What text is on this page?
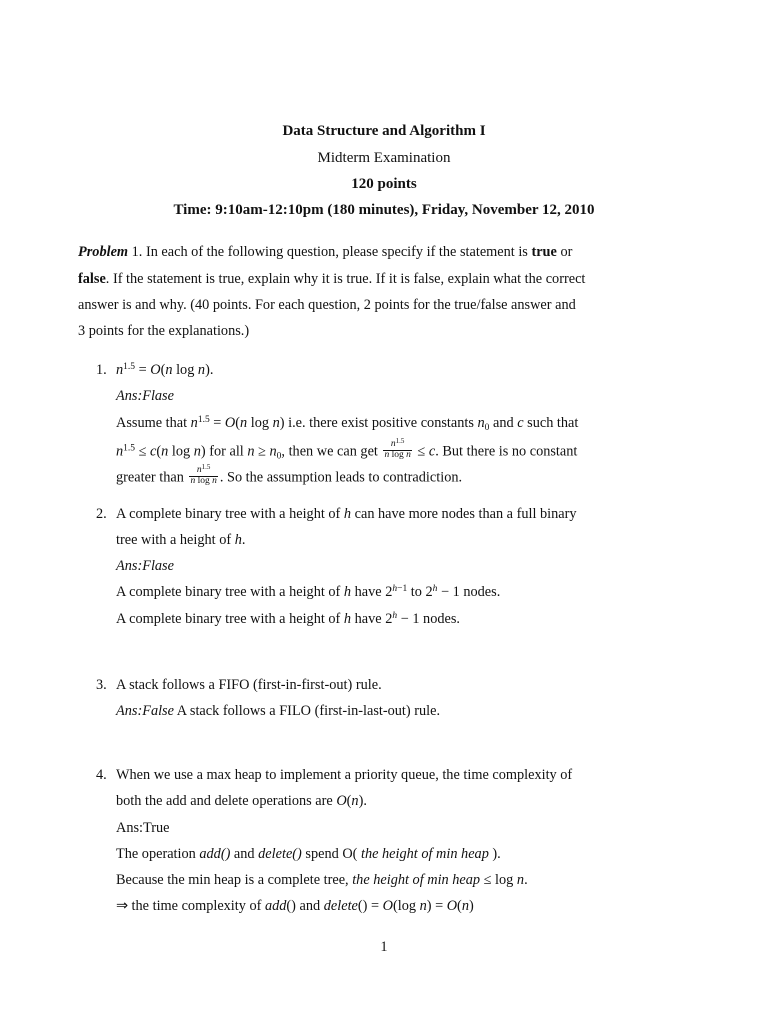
Data Structure and Algorithm I
Midterm Examination
120 points
Time: 9:10am-12:10pm (180 minutes), Friday, November 12, 2010
Problem 1. In each of the following question, please specify if the statement is true or
false. If the statement is true, explain why it is true. If it is false, explain what the correct
answer is and why. (40 points. For each question, 2 points for the true/false answer and
3 points for the explanations.)
1. $n^{1.5} = O(n$ log n).
Ans:Flase
Assume that $n^{1.5} = O(n$ log n) i.e. there exist positive constants $n_0$ and c such that
$n^{1.5} \le c(n$ log n) for all $n \ge n_0$, then we can get $\frac{n^{1.5}}{\text{n log n}} \le c$. But there is no constant
greater than $\frac{n^{1.5}}{\text{n log n}}$ . So the assumption leads to contradiction.
2. A complete binary tree with a height of h can have more nodes than a full binary
tree with a height of h.
Ans:Flase
A complete binary tree with a height of h have $2^{h-1}$ to $2^h - 1$ nodes.
A complete binary tree with a height of h have $2^h - 1$ nodes.
3. A stack follows a FIFO (first-in-first-out) rule.
Ans:False A stack follows a FILO (first-in-last-out) rule.
4. When we use a max heap to implement a priority queue, the time complexity of
both the add and delete operations are O(n).
Ans:True
The operation add() and delete() spend O( the height of min heap ).
Because the min heap is a complete tree, the height of min heap ≤ log n.
⇒ the time complexity of add() and delete() = O(log n) = O(n)
1
